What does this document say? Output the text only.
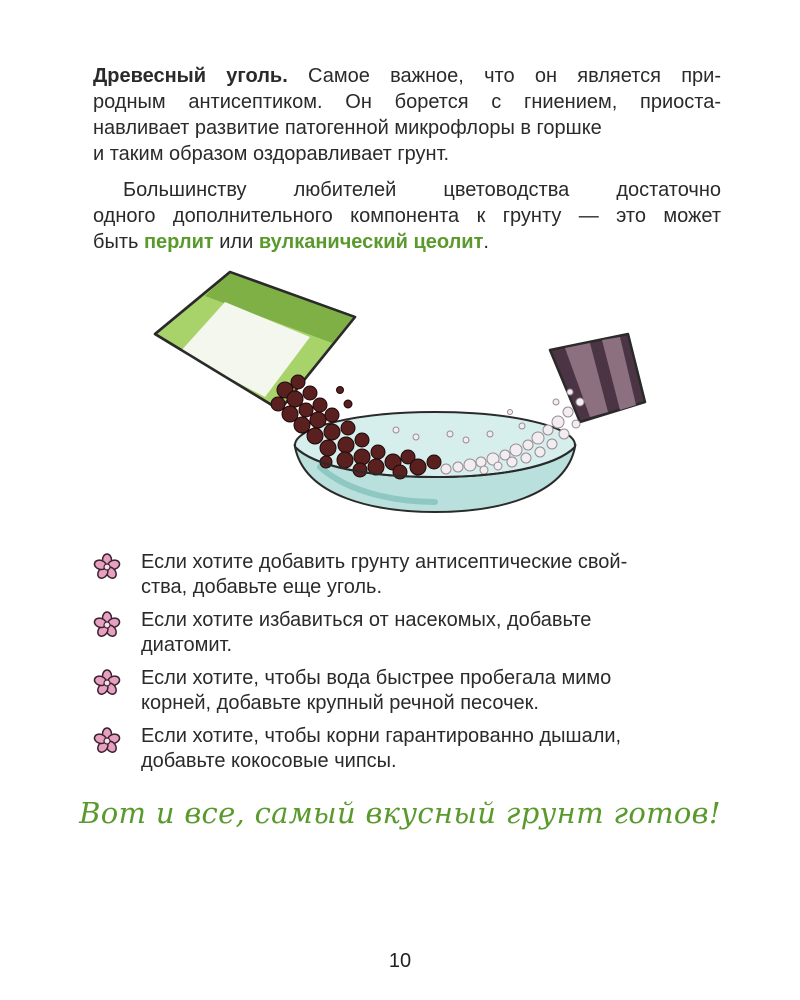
Древесный уголь. Самое важное, что он является при-
родным антисептиком. Он борется с гниением, приоста-
навливает развитие патогенной микрофлоры в горшке
и таким образом оздоравливает грунт.
Большинству любителей цветоводства достаточно
одного дополнительного компонента к грунту — это может
быть перлит или вулканический цеолит.
Если хотите добавить грунту антисептические свой-
ства, добавьте еще уголь.
Если хотите избавиться от насекомых, добавьте
диатомит.
Если хотите, чтобы вода быстрее пробегала мимо
корней, добавьте крупный речной песочек.
Если хотите, чтобы корни гарантированно дышали,
добавьте кокосовые чипсы.
Вот и все, самый вкусный грунт готов!
10
